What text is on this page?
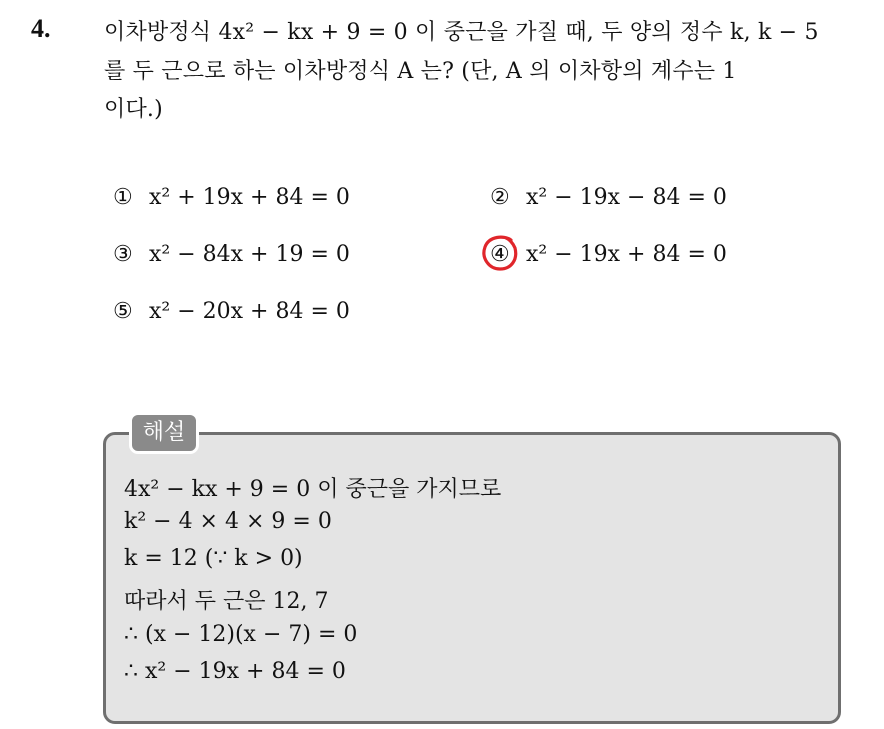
4. 이차방정식 4x² − kx + 9 = 0 이 중근을 가질 때, 두 양의 정수 k, k − 5
를 두 근으로 하는 이차방정식 A 는? (단, A 의 이차항의 계수는 1
이다.)
① x² + 19x + 84 = 0	② x² − 19x − 84 = 0
③ x² − 84x + 19 = 0	④ x² − 19x + 84 = 0
⑤ x² − 20x + 84 = 0
해설
4x² − kx + 9 = 0 이 중근을 가지므로
k² − 4 × 4 × 9 = 0
k = 12 (∵ k > 0)
따라서 두 근은 12, 7
∴ (x − 12)(x − 7) = 0
∴ x² − 19x + 84 = 0
